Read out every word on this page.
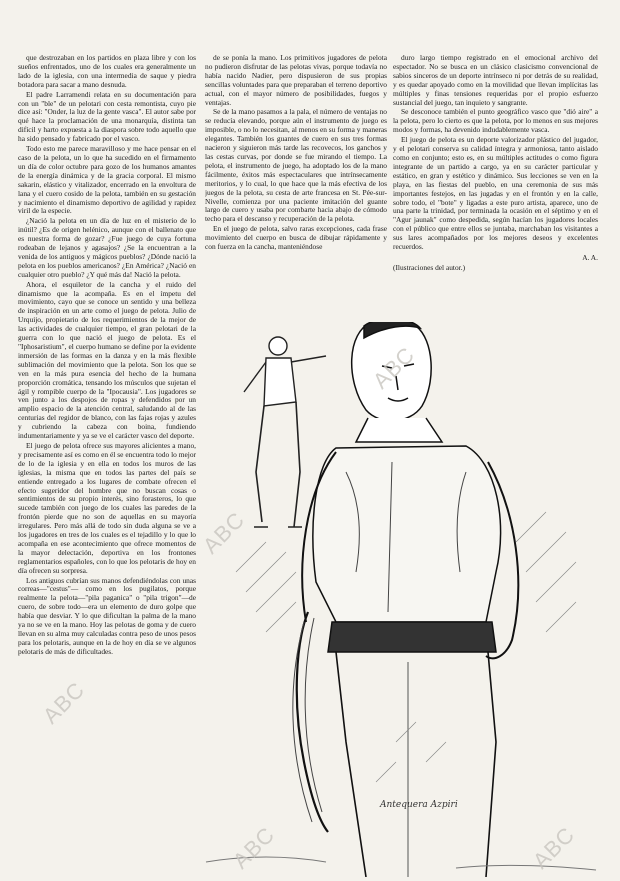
que destrozaban en los partidos en plaza libre y con los sueños enfrentados, uno de los cuales era generalmente un lado de la iglesia, con una intermedia de saque y piedra botadora para sacar a mano desnuda.

El padre Larramendi relata en su documentación para con un "ble" de un pelotari con cesta remontista, cuyo pie dice así: "Onder, la luz de la gente vasca". El autor sabe por qué hace la proclamación de una monarquía, distinta tan difícil y harto expuesta a la diaspora sobre todo aquello que ha sido pensado y fabricado por el vasco.

Todo esto me parece maravilloso y me hace pensar en el caso de la pelota, un lo que ha sucedido en el firmamento un día de color octubre para gozo de los humanos amantes de la energía dinámica y de la gracia corporal. El mismo sakarin, elástico y vitalizador, encerrado en la envoltura de lana y el cuero cosido de la pelota, también en su gestación y nacimiento el dinamismo deportivo de agilidad y rapidez viril de la especie.

¿Nació la pelota en un día de luz en el misterio de lo inútil? ¿Es de origen helénico, aunque con el ballenato que es nuestra forma de gozar? ¿Fue juego de cuya fortuna rodeaban de lejanos y agasajos? ¿Se la encuentran a la venida de los antiguos y mágicos pueblos? ¿Dónde nació la pelota en los pueblos americanos? ¿En América? ¿Nació en cualquier otro pueblo? ¿Y qué más da! Nació la pelota.

Ahora, el esquiletor de la cancha y el ruido del dinamismo que la acompaña. Es en el ímpetu del movimiento, cayo que se conoce un sentido y una belleza de inspiración en un arte como el juego de pelota. Julio de Urquijo, propietario de los requerimientos de la mejor de las actividades de cualquier tiempo, el gran pelotari de la guerra con lo que nació el juego de pelota. Es el "Iphosaristium", el cuerpo humano se define por la evidente inmersión de las formas en la danza y en la más flexible sublimación del movimiento que la pelota. Son los que se ven en la más pura esencia del hecho de la humana proporción cromática, tensando los músculos que sujetan el ágil y rompible cuerpo de la "Ipocausia". Los jugadores se ven junto a los despojos de ropas y defendidos por un amplio espacio de la atención central, saludando al de las centurias del regidor de blanco, con las fajas rojas y azules y cubriendo la cabeza con boina, fundiendo indumentariamente y ya se ve el carácter vasco del deporte.

El juego de pelota ofrece sus mayores alicientes a mano, y precisamente así es como en él se encuentra todo lo mejor de lo de la iglesia y en ella en todos los muros de las iglesias, la misma que en todos las partes del país se entiende entregado a los lugares de combate ofrecen el efecto sugeridor del hombre que no buscan cosas o sentimientos de su propio interés, sino forasteros, lo que sucede también con juego de los cuales las paredes de la frontón pierde que no son de aquellas en su mayoría irregulares. Pero más allá de todo sin duda alguna se ve a los jugadores en tres de los cuales es el tejadillo y lo que lo acompaña en ese acontecimiento que ofrece momentos de la mayor delectación, deportiva en los frontones reglamentarios españoles, con lo que los pelotaris de hoy en día ofrecen su sorpresa.

Los antiguos cubrían sus manos defendiéndolas con unas correas—"cestus"— como en los pugilatos, porque realmente la pelota—"pila paganica" o "pila trigon"—de cuero, de sobre todo—era un elemento de duro golpe que había que desviar. Y lo que dificultan la palma de la mano ya no se ve en la mano. Hoy las pelotas de goma y de cuero llevan en su alma muy calculadas contra peso de unos pesos para los pelotaris, aunque en la de hoy en día se ve algunos pelotaris de más de dificultades.

de se ponía la mano. Los primitivos jugadores de pelota no pudieron disfrutar de las pelotas vivas, porque todavía no había nacido Nadier, pero dispusieron de sus propias sencillas voluntades para que preparaban el terreno deportivo actual, con el mayor número de posibilidades, fuegos y ventajas.

Se de la mano pasamos a la pala, el número de ventajas no se reducía elevando, porque aún el instrumento de juego es imposible, o no lo necesitan, al menos en su forma y maneras elegantes. También los guantes de cuero en sus tres formas nacieron y siguieron más tarde las recovecos, los ganchos y las cestas curvas, por donde se fue mirando el tiempo. La pelota, el instrumento de juego, ha adoptado los de la mano fácilmente, éxitos más espectaculares que intrínsecamente meritorios, y lo cual, lo que hace que la más efectiva de los juegos de la pelota, su cesta de arte francesa en St. Pée-sur-Nivelle, comienza por una paciente imitación del guante largo de cuero y usaba por combarte hacia abajo de cómodo techo para el descanso y recuperación de la pelota.

En el juego de pelota, salvo raras excepciones, cada frase movimiento del cuerpo en busca de dibujar rápidamente y con fuerza en la cancha, manteniéndose

duro largo tiempo registrado en el emocional archivo del espectador. No se busca en un clásico clasicismo convencional de sabios sinceros de un deporte intrínseco ni por detrás de su realidad, y es quedar apoyado como en la movilidad que llevan implícitas las múltiples y finas tensiones requeridas por el propio esfuerzo sustancial del juego, tan inquieto y sangrante.

Se desconoce también el punto geográfico vasco que "dió aire" a la pelota, pero lo cierto es que la pelota, por lo menos en sus mejores modos y formas, ha devenido indudablemente vasca.

El juego de pelota es un deporte valorizador plástico del jugador, y el pelotari conserva su calidad íntegra y armoniosa, tanto aislado como en conjunto; esto es, en su múltiples actitudes o como figura integrante de un partido a cargo, ya en su carácter particular y estático, en gran y estético y dinámico. Sus lecciones se ven en la playa, en las fiestas del pueblo, en una ceremonia de sus más importantes festejos, en las jugadas y en el frontón y en la calle, sobre todo, el "bote" y ligadas a este puro artista, aparece, uno de una parte la trinidad, por terminada la ocasión en el séptimo y en el "Agur jaunak" como despedida, según hacían los jugadores locales con el público que entre ellos se juntaba, marchaban los visitantes a sus lares acompañados por los mejores deseos y excelentes recuerdos.

A. A.

(Ilustraciones del autor.)

Antequera Azpiri
ABC
ABC
ABC
ABC	ABC
